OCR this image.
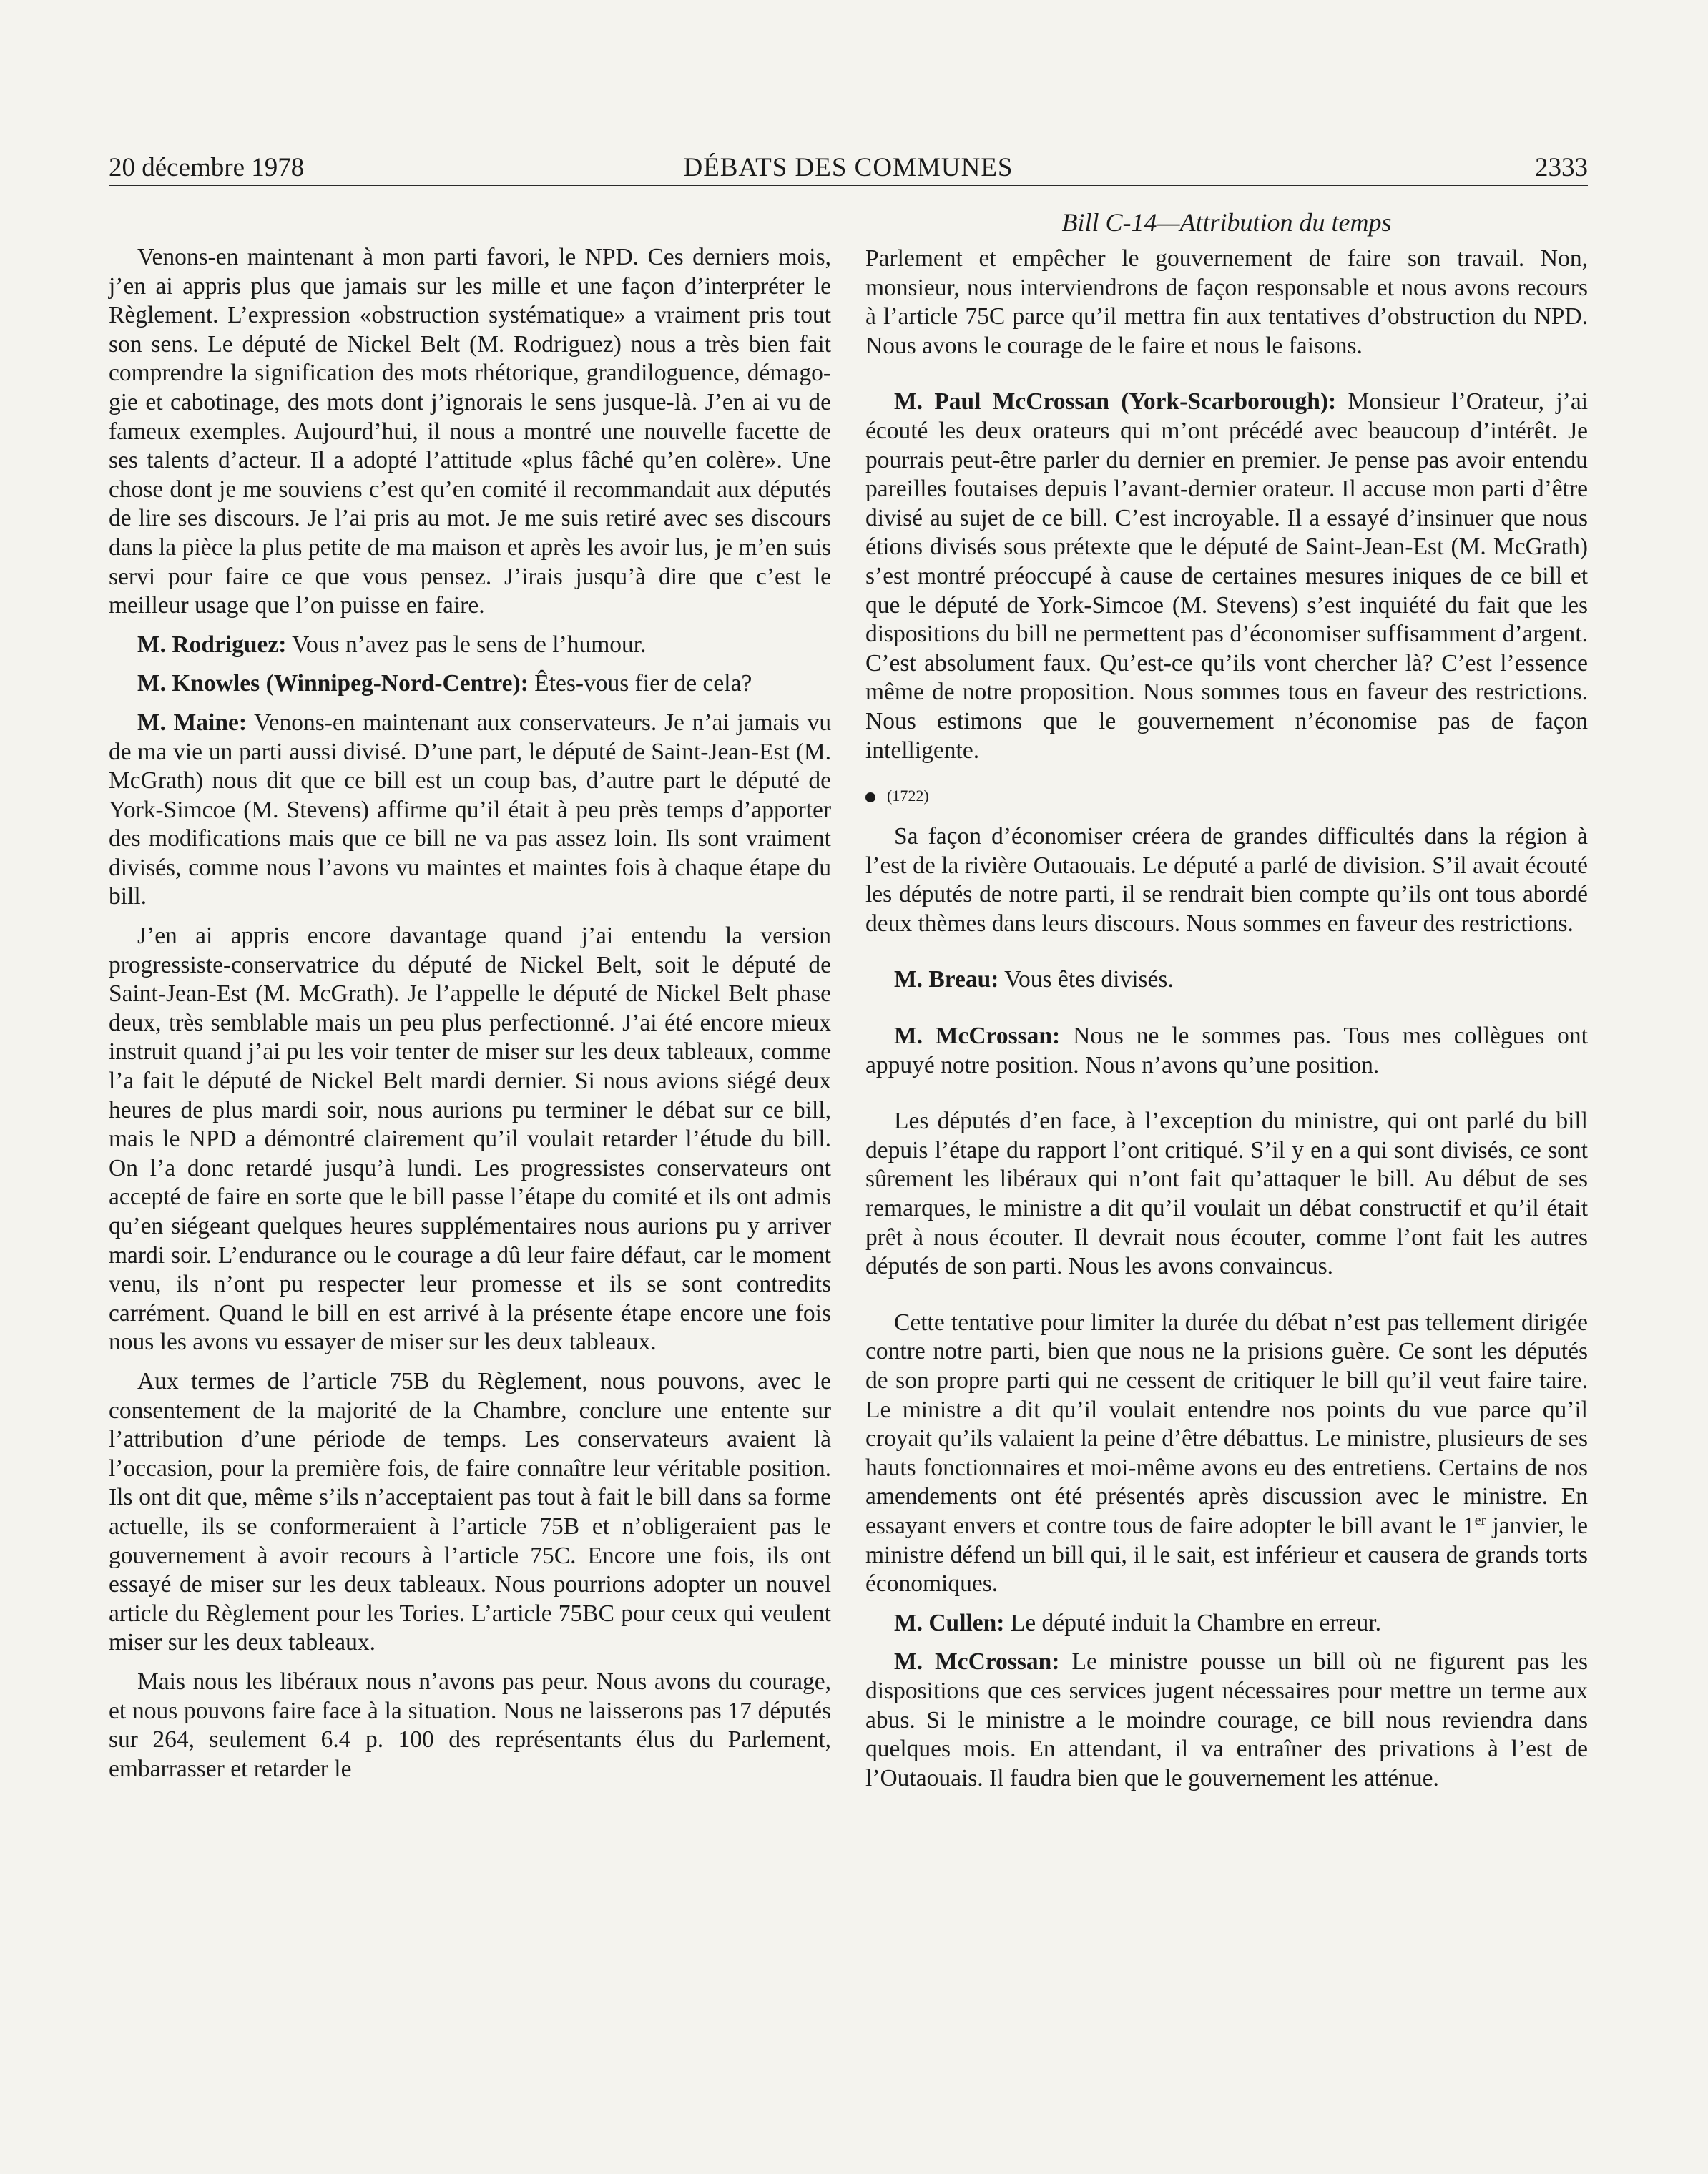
20 décembre 1978	DÉBATS DES COMMUNES	2333
Bill C-14—Attribution du temps

Venons-en maintenant à mon parti favori, le NPD. Ces derniers mois, j’en ai appris plus que jamais sur les mille et une façon d’interpréter le Règlement. L’expression «obstruction systématique» a vraiment pris tout son sens. Le député de Nickel Belt (M. Rodriguez) nous a très bien fait comprendre la signification des mots rhétorique, grandiloguence, démagogie et cabotinage, des mots dont j’ignorais le sens jusque-là. J’en ai vu de fameux exemples. Aujourd’hui, il nous a montré une nouvelle facette de ses talents d’acteur. Il a adopté l’attitude «plus fâché qu’en colère». Une chose dont je me souviens c’est qu’en comité il recommandait aux députés de lire ses discours. Je l’ai pris au mot. Je me suis retiré avec ses discours dans la pièce la plus petite de ma maison et après les avoir lus, je m’en suis servi pour faire ce que vous pensez. J’irais jusqu’à dire que c’est le meilleur usage que l’on puisse en faire.

M. Rodriguez: Vous n’avez pas le sens de l’humour.

M. Knowles (Winnipeg-Nord-Centre): Êtes-vous fier de cela?

M. Maine: Venons-en maintenant aux conservateurs. Je n’ai jamais vu de ma vie un parti aussi divisé. D’une part, le député de Saint-Jean-Est (M. McGrath) nous dit que ce bill est un coup bas, d’autre part le député de York-Simcoe (M. Stevens) affirme qu’il était à peu près temps d’apporter des modifications mais que ce bill ne va pas assez loin. Ils sont vraiment divisés, comme nous l’avons vu maintes et maintes fois à chaque étape du bill.

J’en ai appris encore davantage quand j’ai entendu la version progressiste-conservatrice du député de Nickel Belt, soit le député de Saint-Jean-Est (M. McGrath). Je l’appelle le député de Nickel Belt phase deux, très semblable mais un peu plus perfectionné. J’ai été encore mieux instruit quand j’ai pu les voir tenter de miser sur les deux tableaux, comme l’a fait le député de Nickel Belt mardi dernier. Si nous avions siégé deux heures de plus mardi soir, nous aurions pu terminer le débat sur ce bill, mais le NPD a démontré clairement qu’il voulait retarder l’étude du bill. On l’a donc retardé jusqu’à lundi. Les progressistes conservateurs ont accepté de faire en sorte que le bill passe l’étape du comité et ils ont admis qu’en siégeant quelques heures supplémentaires nous aurions pu y arriver mardi soir. L’endurance ou le courage a dû leur faire défaut, car le moment venu, ils n’ont pu respecter leur promesse et ils se sont contredits carrément. Quand le bill en est arrivé à la présente étape encore une fois nous les avons vu essayer de miser sur les deux tableaux.

Aux termes de l’article 75B du Règlement, nous pouvons, avec le consentement de la majorité de la Chambre, conclure une entente sur l’attribution d’une période de temps. Les conservateurs avaient là l’occasion, pour la première fois, de faire connaître leur véritable position. Ils ont dit que, même s’ils n’acceptaient pas tout à fait le bill dans sa forme actuelle, ils se conformeraient à l’article 75B et n’obligeraient pas le gouvernement à avoir recours à l’article 75C. Encore une fois, ils ont essayé de miser sur les deux tableaux. Nous pourrions adopter un nouvel article du Règlement pour les Tories. L’article 75BC pour ceux qui veulent miser sur les deux tableaux.

Mais nous les libéraux nous n’avons pas peur. Nous avons du courage, et nous pouvons faire face à la situation. Nous ne laisserons pas 17 députés sur 264, seulement 6.4 p. 100 des représentants élus du Parlement, embarrasser et retarder le

Parlement et empêcher le gouvernement de faire son travail. Non, monsieur, nous interviendrons de façon responsable et nous avons recours à l’article 75C parce qu’il mettra fin aux tentatives d’obstruction du NPD. Nous avons le courage de le faire et nous le faisons.

M. Paul McCrossan (York-Scarborough): Monsieur l’Orateur, j’ai écouté les deux orateurs qui m’ont précédé avec beaucoup d’intérêt. Je pourrais peut-être parler du dernier en premier. Je pense pas avoir entendu pareilles foutaises depuis l’avant-dernier orateur. Il accuse mon parti d’être divisé au sujet de ce bill. C’est incroyable. Il a essayé d’insinuer que nous étions divisés sous prétexte que le député de Saint-Jean-Est (M. McGrath) s’est montré préoccupé à cause de certaines mesures iniques de ce bill et que le député de York-Simcoe (M. Stevens) s’est inquiété du fait que les dispositions du bill ne permettent pas d’économiser suffisamment d’argent. C’est absolument faux. Qu’est-ce qu’ils vont chercher là? C’est l’essence même de notre proposition. Nous sommes tous en faveur des restrictions. Nous estimons que le gouvernement n’économise pas de façon intelligente.

(1722)

Sa façon d’économiser créera de grandes difficultés dans la région à l’est de la rivière Outaouais. Le député a parlé de division. S’il avait écouté les députés de notre parti, il se rendrait bien compte qu’ils ont tous abordé deux thèmes dans leurs discours. Nous sommes en faveur des restrictions.

M. Breau: Vous êtes divisés.

M. McCrossan: Nous ne le sommes pas. Tous mes collègues ont appuyé notre position. Nous n’avons qu’une position.

Les députés d’en face, à l’exception du ministre, qui ont parlé du bill depuis l’étape du rapport l’ont critiqué. S’il y en a qui sont divisés, ce sont sûrement les libéraux qui n’ont fait qu’attaquer le bill. Au début de ses remarques, le ministre a dit qu’il voulait un débat constructif et qu’il était prêt à nous écouter. Il devrait nous écouter, comme l’ont fait les autres députés de son parti. Nous les avons convaincus.

Cette tentative pour limiter la durée du débat n’est pas tellement dirigée contre notre parti, bien que nous ne la prisions guère. Ce sont les députés de son propre parti qui ne cessent de critiquer le bill qu’il veut faire taire. Le ministre a dit qu’il voulait entendre nos points du vue parce qu’il croyait qu’ils valaient la peine d’être débattus. Le ministre, plusieurs de ses hauts fonctionnaires et moi-même avons eu des entretiens. Certains de nos amendements ont été présentés après discussion avec le ministre. En essayant envers et contre tous de faire adopter le bill avant le 1er janvier, le ministre défend un bill qui, il le sait, est inférieur et causera de grands torts économiques.

M. Cullen: Le député induit la Chambre en erreur.

M. McCrossan: Le ministre pousse un bill où ne figurent pas les dispositions que ces services jugent nécessaires pour mettre un terme aux abus. Si le ministre a le moindre courage, ce bill nous reviendra dans quelques mois. En attendant, il va entraîner des privations à l’est de l’Outaouais. Il faudra bien que le gouvernement les atténue.
